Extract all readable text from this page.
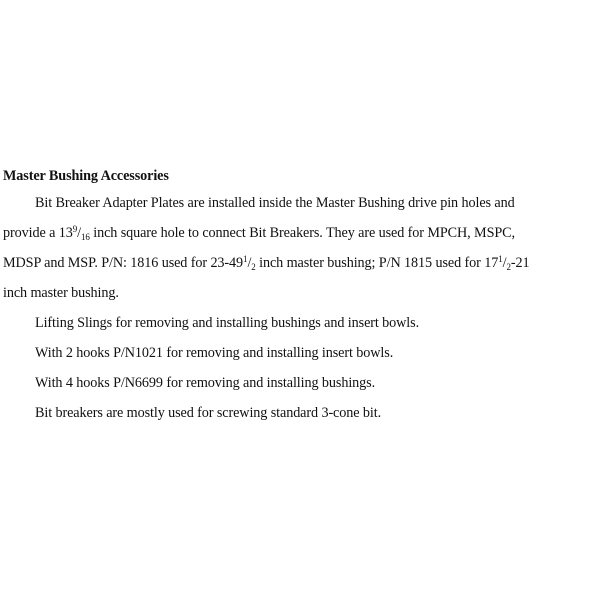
Master Bushing Accessories
Bit Breaker Adapter Plates are installed inside the Master Bushing drive pin holes and
provide a $13^9/_{16}$ inch square hole to connect Bit Breakers. They are used for MPCH, MSPC,
MDSP and MSP. P/N: 1816 used for $23-49^1/_2$ inch master bushing; P/N 1815 used for $17^1/_2-21$
inch master bushing.
Lifting Slings for removing and installing bushings and insert bowls.
With 2 hooks P/N1021 for removing and installing insert bowls.
With 4 hooks P/N6699 for removing and installing bushings.
Bit breakers are mostly used for screwing standard 3-cone bit.
